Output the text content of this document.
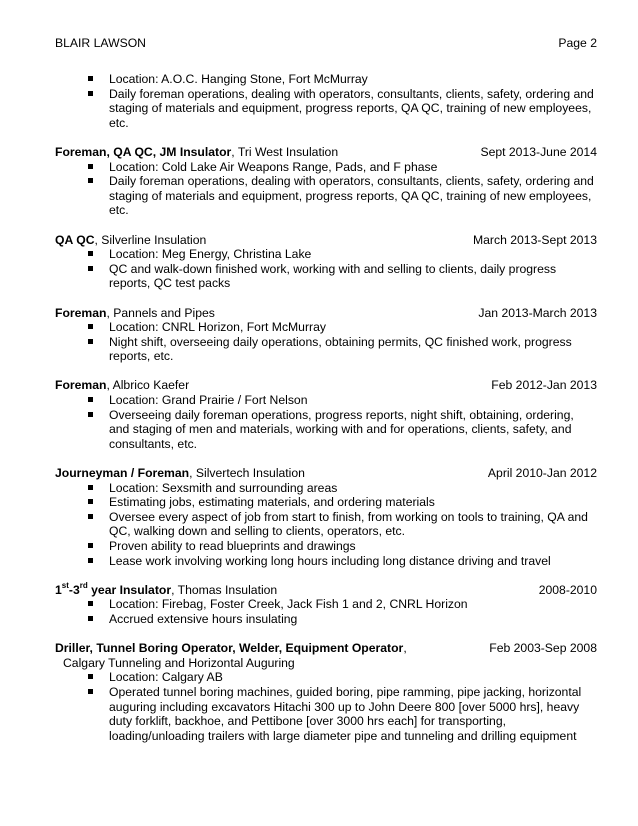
BLAIR LAWSON	Page 2
Location: A.O.C. Hanging Stone, Fort McMurray
Daily foreman operations, dealing with operators, consultants, clients, safety, ordering and staging of materials and equipment, progress reports, QA QC, training of new employees, etc.
Foreman, QA QC, JM Insulator, Tri West Insulation	Sept 2013-June 2014
Location: Cold Lake Air Weapons Range, Pads, and F phase
Daily foreman operations, dealing with operators, consultants, clients, safety, ordering and staging of materials and equipment, progress reports, QA QC, training of new employees, etc.
QA QC, Silverline Insulation	March 2013-Sept 2013
Location: Meg Energy, Christina Lake
QC and walk-down finished work, working with and selling to clients, daily progress reports, QC test packs
Foreman, Pannels and Pipes	Jan 2013-March 2013
Location: CNRL Horizon, Fort McMurray
Night shift, overseeing daily operations, obtaining permits, QC finished work, progress reports, etc.
Foreman, Albrico Kaefer	Feb 2012-Jan 2013
Location: Grand Prairie / Fort Nelson
Overseeing daily foreman operations, progress reports, night shift, obtaining, ordering, and staging of men and materials, working with and for operations, clients, safety, and consultants, etc.
Journeyman / Foreman, Silvertech Insulation	April 2010-Jan 2012
Location: Sexsmith and surrounding areas
Estimating jobs, estimating materials, and ordering materials
Oversee every aspect of job from start to finish, from working on tools to training, QA and QC, walking down and selling to clients, operators, etc.
Proven ability to read blueprints and drawings
Lease work involving working long hours including long distance driving and travel
1st-3rd year Insulator, Thomas Insulation	2008-2010
Location: Firebag, Foster Creek, Jack Fish 1 and 2, CNRL Horizon
Accrued extensive hours insulating
Driller, Tunnel Boring Operator, Welder, Equipment Operator,	Feb 2003-Sep 2008
Calgary Tunneling and Horizontal Auguring
Location: Calgary AB
Operated tunnel boring machines, guided boring, pipe ramming, pipe jacking, horizontal auguring including excavators Hitachi 300 up to John Deere 800 [over 5000 hrs], heavy duty forklift, backhoe, and Pettibone [over 3000 hrs each] for transporting, loading/unloading trailers with large diameter pipe and tunneling and drilling equipment
